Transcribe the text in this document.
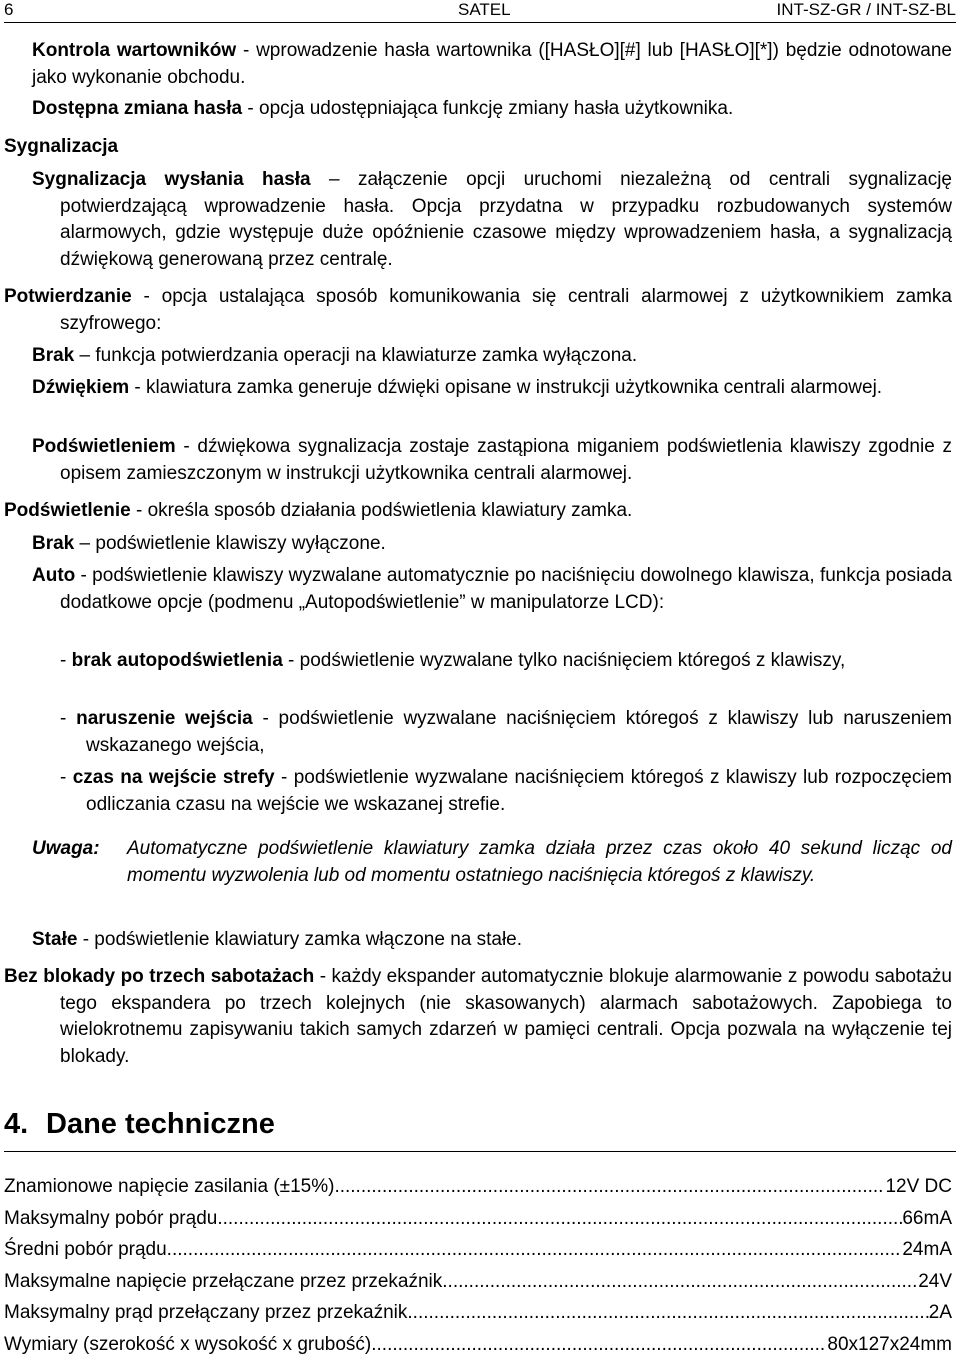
6	SATEL	INT-SZ-GR / INT-SZ-BL
Kontrola wartowników - wprowadzenie hasła wartownika ([HASŁO][#] lub [HASŁO][*]) będzie odnotowane jako wykonanie obchodu.
Dostępna zmiana hasła - opcja udostępniająca funkcję zmiany hasła użytkownika.
Sygnalizacja
Sygnalizacja wysłania hasła – załączenie opcji uruchomi niezależną od centrali sygnalizację potwierdzającą wprowadzenie hasła. Opcja przydatna w przypadku rozbudowanych systemów alarmowych, gdzie występuje duże opóźnienie czasowe między wprowadzeniem hasła, a sygnalizacją dźwiękową generowaną przez centralę.
Potwierdzanie - opcja ustalająca sposób komunikowania się centrali alarmowej z użytkownikiem zamka szyfrowego:
Brak – funkcja potwierdzania operacji na klawiaturze zamka wyłączona.
Dźwiękiem - klawiatura zamka generuje dźwięki opisane w instrukcji użytkownika centrali alarmowej.
Podświetleniem - dźwiękowa sygnalizacja zostaje zastąpiona miganiem podświetlenia klawiszy zgodnie z opisem zamieszczonym w instrukcji użytkownika centrali alarmowej.
Podświetlenie - określa sposób działania podświetlenia klawiatury zamka.
Brak – podświetlenie klawiszy wyłączone.
Auto - podświetlenie klawiszy wyzwalane automatycznie po naciśnięciu dowolnego klawisza, funkcja posiada dodatkowe opcje (podmenu „Autopodświetlenie” w manipulatorze LCD):
- brak autopodświetlenia - podświetlenie wyzwalane tylko naciśnięciem któregoś z klawiszy,
- naruszenie wejścia - podświetlenie wyzwalane naciśnięciem któregoś z klawiszy lub naruszeniem wskazanego wejścia,
- czas na wejście strefy - podświetlenie wyzwalane naciśnięciem któregoś z klawiszy lub rozpoczęciem odliczania czasu na wejście we wskazanej strefie.
Uwaga: Automatyczne podświetlenie klawiatury zamka działa przez czas około 40 sekund licząc od momentu wyzwolenia lub od momentu ostatniego naciśnięcia któregoś z klawiszy.
Stałe - podświetlenie klawiatury zamka włączone na stałe.
Bez blokady po trzech sabotażach - każdy ekspander automatycznie blokuje alarmowanie z powodu sabotażu tego ekspandera po trzech kolejnych (nie skasowanych) alarmach sabotażowych. Zapobiega to wielokrotnemu zapisywaniu takich samych zdarzeń w pamięci centrali. Opcja pozwala na wyłączenie tej blokady.
4. Dane techniczne
Znamionowe napięcie zasilania (±15%) .....	12V DC
Maksymalny pobór prądu .....	66mA
Średni pobór prądu .....	24mA
Maksymalne napięcie przełączane przez przekaźnik .....	24V
Maksymalny prąd przełączany przez przekaźnik .....	2A
Wymiary (szerokość x wysokość x grubość) .....	80x127x24mm
